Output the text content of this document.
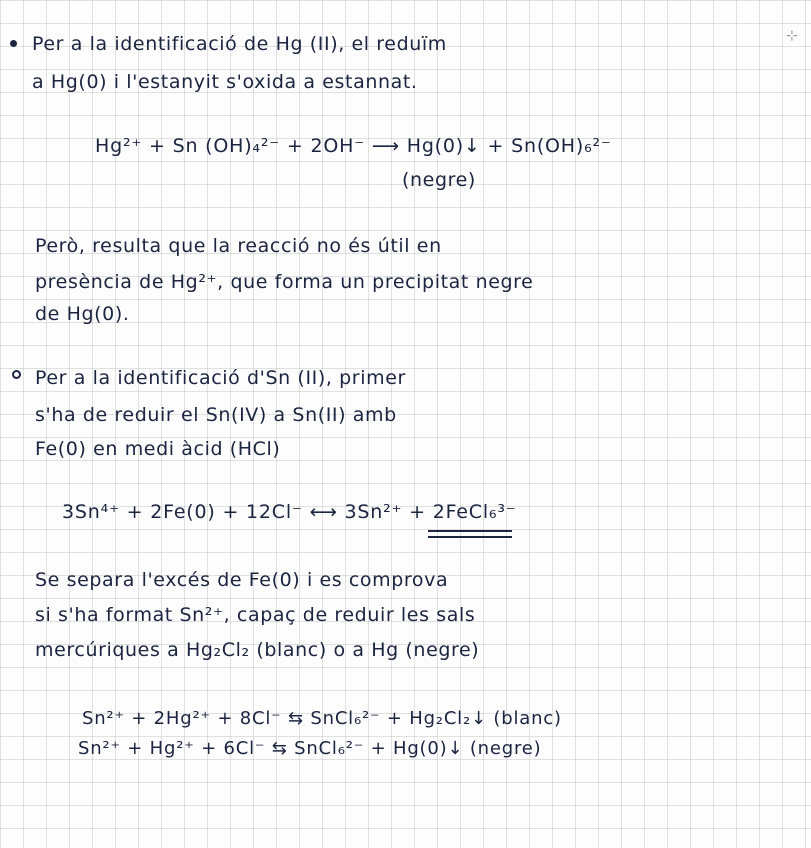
Per a la identificació de Hg (II), el reduïm
a Hg(0) i l'estanyit s'oxida a estannat.
Hg²⁺ + Sn (OH)₄²⁻ + 2OH⁻ ⟶ Hg(0)↓ + Sn(OH)₆²⁻
(negre)
Però, resulta que la reacció no és útil en
presència de Hg²⁺, que forma un precipitat negre
de Hg(0).
Per a la identificació d'Sn (II), primer
s'ha de reduir el Sn(IV) a Sn(II) amb
Fe(0) en medi àcid (HCl)
3Sn⁴⁺ + 2Fe(0) + 12Cl⁻ ⟷ 3Sn²⁺ + 2FeCl₆³⁻
Se separa l'excés de Fe(0) i es comprova
si s'ha format Sn²⁺, capaç de reduir les sals
mercúriques a Hg₂Cl₂ (blanc) o a Hg (negre)
Sn²⁺ + 2Hg²⁺ + 8Cl⁻ ⇆ SnCl₆²⁻ + Hg₂Cl₂↓ (blanc)
Sn²⁺ + Hg²⁺ + 6Cl⁻ ⇆ SnCl₆²⁻ + Hg(0)↓ (negre)
⊹
